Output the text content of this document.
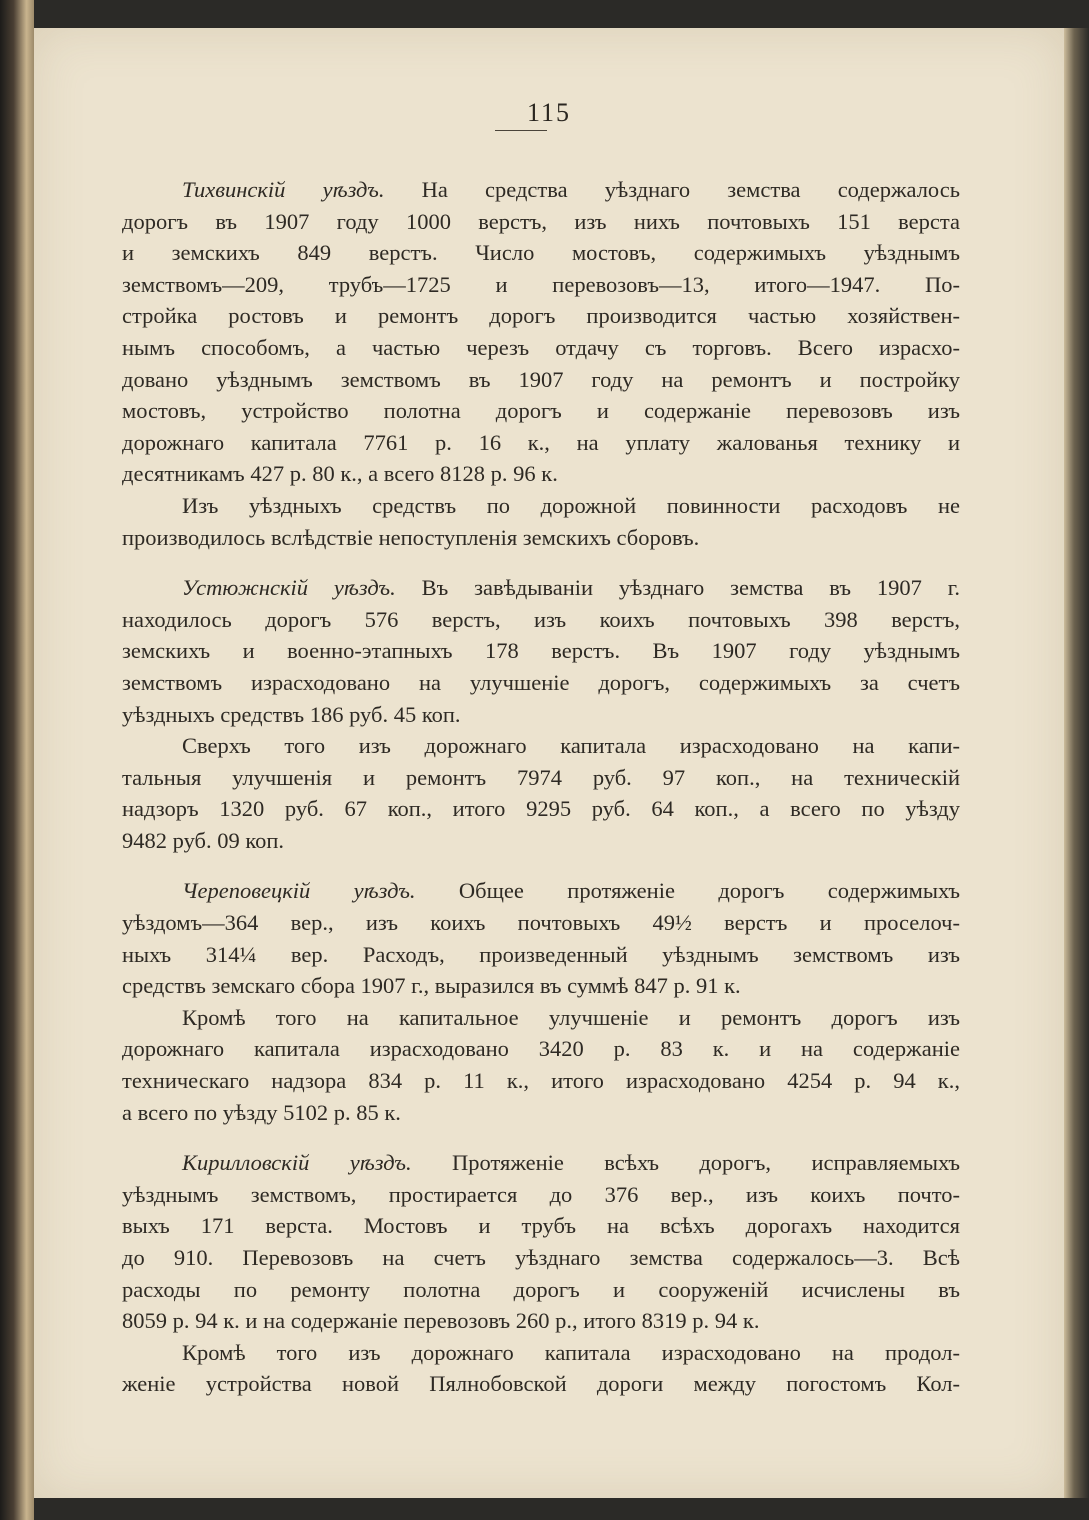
115
Тихвинскій уѣздъ. На средства уѣзднаго земства содержалось
дорогъ въ 1907 году 1000 верстъ, изъ нихъ почтовыхъ 151 верста
и земскихъ 849 верстъ. Число мостовъ, содержимыхъ уѣзднымъ
земствомъ—209, трубъ—1725 и перевозовъ—13, итого—1947. По-
стройка ростовъ и ремонтъ дорогъ производится частью хозяйствен-
нымъ способомъ, а частью черезъ отдачу съ торговъ. Всего израсхо-
довано уѣзднымъ земствомъ въ 1907 году на ремонтъ и постройку
мостовъ, устройство полотна дорогъ и содержаніе перевозовъ изъ
дорожнаго капитала 7761 р. 16 к., на уплату жалованья технику и
десятникамъ 427 р. 80 к., а всего 8128 р. 96 к.
Изъ уѣздныхъ средствъ по дорожной повинности расходовъ не
производилось вслѣдствіе непоступленія земскихъ сборовъ.
Устюжнскій уѣздъ. Въ завѣдываніи уѣзднаго земства въ 1907 г.
находилось дорогъ 576 верстъ, изъ коихъ почтовыхъ 398 верстъ,
земскихъ и военно-этапныхъ 178 верстъ. Въ 1907 году уѣзднымъ
земствомъ израсходовано на улучшеніе дорогъ, содержимыхъ за счетъ
уѣздныхъ средствъ 186 руб. 45 коп.
Сверхъ того изъ дорожнаго капитала израсходовано на капи-
тальныя улучшенія и ремонтъ 7974 руб. 97 коп., на техническій
надзоръ 1320 руб. 67 коп., итого 9295 руб. 64 коп., а всего по уѣзду
9482 руб. 09 коп.
Череповецкій уѣздъ. Общее протяженіе дорогъ содержимыхъ
уѣздомъ—364 вер., изъ коихъ почтовыхъ 49½ верстъ и проселоч-
ныхъ 314¼ вер. Расходъ, произведенный уѣзднымъ земствомъ изъ
средствъ земскаго сбора 1907 г., выразился въ суммѣ 847 р. 91 к.
Кромѣ того на капитальное улучшеніе и ремонтъ дорогъ изъ
дорожнаго капитала израсходовано 3420 р. 83 к. и на содержаніе
техническаго надзора 834 р. 11 к., итого израсходовано 4254 р. 94 к.,
а всего по уѣзду 5102 р. 85 к.
Кирилловскій уѣздъ. Протяженіе всѣхъ дорогъ, исправляемыхъ
уѣзднымъ земствомъ, простирается до 376 вер., изъ коихъ почто-
выхъ 171 верста. Мостовъ и трубъ на всѣхъ дорогахъ находится
до 910. Перевозовъ на счетъ уѣзднаго земства содержалось—3. Всѣ
расходы по ремонту полотна дорогъ и сооруженій исчислены въ
8059 р. 94 к. и на содержаніе перевозовъ 260 р., итого 8319 р. 94 к.
Кромѣ того изъ дорожнаго капитала израсходовано на продол-
женіе устройства новой Пялнобовской дороги между погостомъ Кол-
